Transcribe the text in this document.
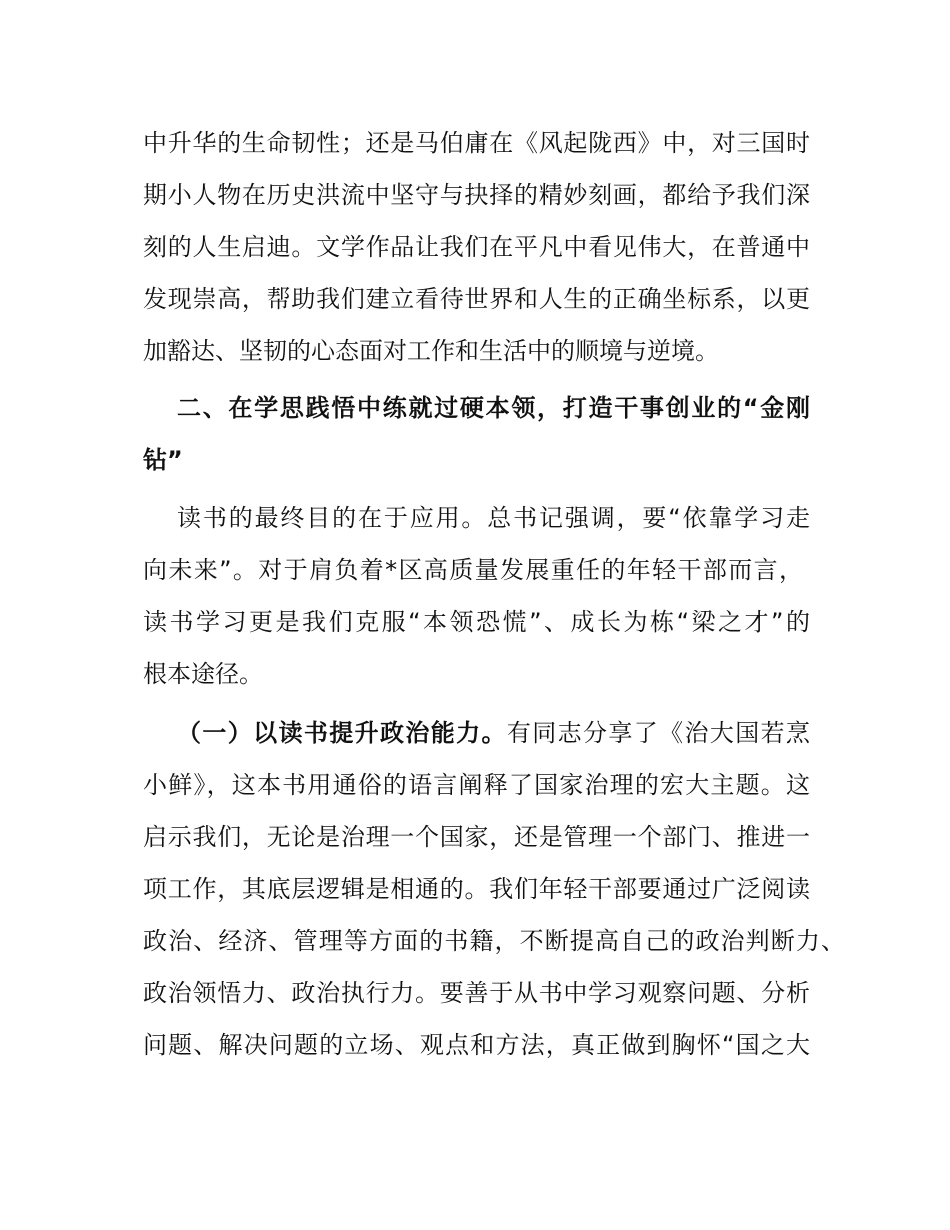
中升华的生命韧性；还是马伯庸在《风起陇西》中，对三国时
期小人物在历史洪流中坚守与抉择的精妙刻画，都给予我们深
刻的人生启迪。文学作品让我们在平凡中看见伟大，在普通中
发现崇高，帮助我们建立看待世界和人生的正确坐标系，以更
加豁达、坚韧的心态面对工作和生活中的顺境与逆境。
二、在学思践悟中练就过硬本领，打造干事创业的“金刚
钻”
读书的最终目的在于应用。总书记强调，要“依靠学习走
向未来”。对于肩负着*区高质量发展重任的年轻干部而言，
读书学习更是我们克服“本领恐慌”、成长为栋“梁之才”的
根本途径。
（一）以读书提升政治能力。有同志分享了《治大国若烹
小鲜》，这本书用通俗的语言阐释了国家治理的宏大主题。这
启示我们，无论是治理一个国家，还是管理一个部门、推进一
项工作，其底层逻辑是相通的。我们年轻干部要通过广泛阅读
政治、经济、管理等方面的书籍，不断提高自己的政治判断力、
政治领悟力、政治执行力。要善于从书中学习观察问题、分析
问题、解决问题的立场、观点和方法，真正做到胸怀“国之大
